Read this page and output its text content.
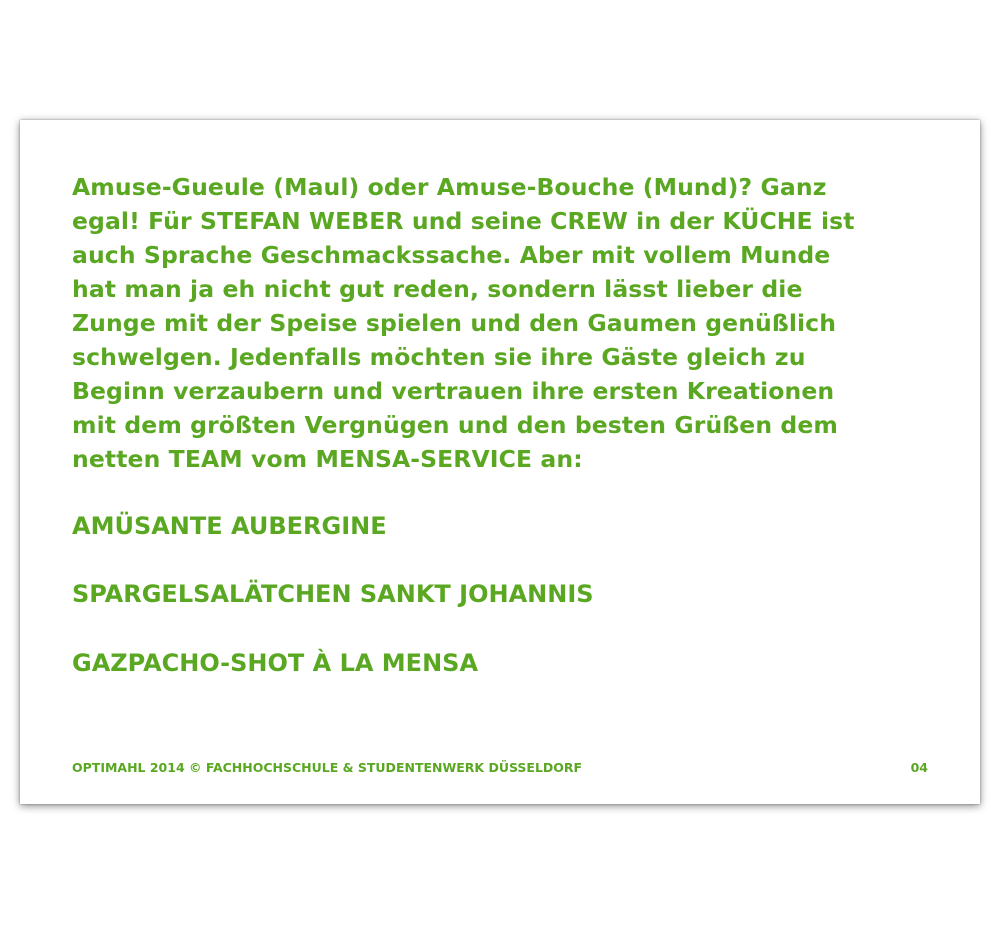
Amuse-Gueule (Maul) oder Amuse-Bouche (Mund)? Ganz
egal! Für STEFAN WEBER und seine CREW in der KÜCHE ist
auch Sprache Geschmackssache. Aber mit vollem Munde
hat man ja eh nicht gut reden, sondern lässt lieber die
Zunge mit der Speise spielen und den Gaumen genüßlich
schwelgen. Jedenfalls möchten sie ihre Gäste gleich zu
Beginn verzaubern und vertrauen ihre ersten Kreationen
mit dem größten Vergnügen und den besten Grüßen dem
netten TEAM vom MENSA-SERVICE an:

AMÜSANTE AUBERGINE

SPARGELSALÄTCHEN SANKT JOHANNIS

GAZPACHO-SHOT À LA MENSA

OPTIMAHL 2014 © FACHHOCHSCHULE & STUDENTENWERK DÜSSELDORF	04
